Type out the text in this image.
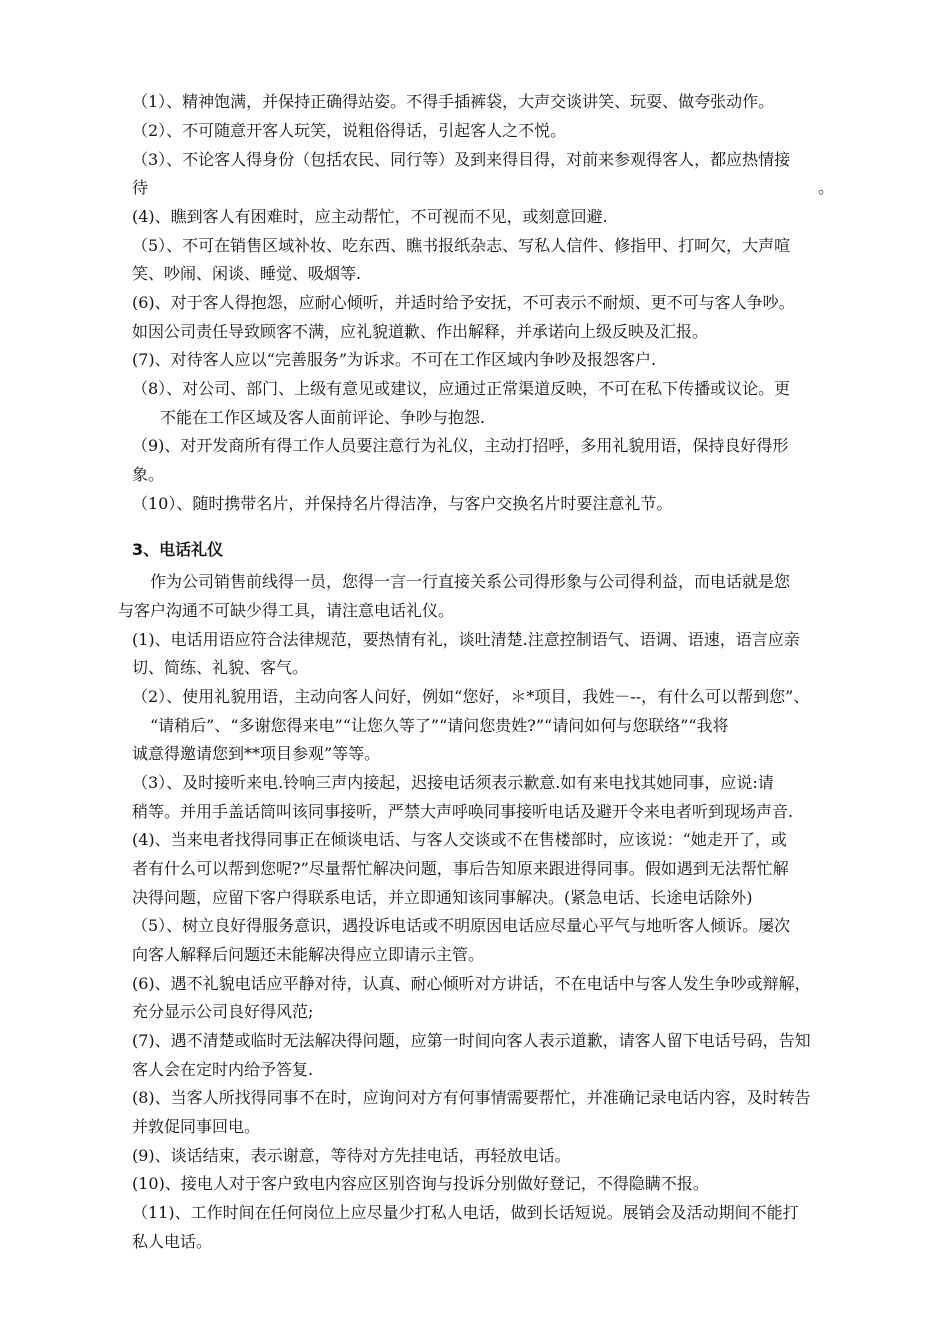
（1）、精神饱满，并保持正确得站姿。不得手插裤袋，大声交谈讲笑、玩耍、做夸张动作。
（2）、不可随意开客人玩笑，说粗俗得话，引起客人之不悦。
（3）、不论客人得身份（包括农民、同行等）及到来得目得，对前来参观得客人，都应热情接
待	。
(4)、瞧到客人有困难时，应主动帮忙，不可视而不见，或刻意回避.
（5）、不可在销售区域补妆、吃东西、瞧书报纸杂志、写私人信件、修指甲、打呵欠，大声喧
笑、吵闹、闲谈、睡觉、吸烟等.
(6)、对于客人得抱怨，应耐心倾听，并适时给予安抚，不可表示不耐烦、更不可与客人争吵。
如因公司责任导致顾客不满，应礼貌道歉、作出解释，并承诺向上级反映及汇报。
(7)、对待客人应以“完善服务”为诉求。不可在工作区域内争吵及报怨客户.
（8）、对公司、部门、上级有意见或建议，应通过正常渠道反映，不可在私下传播或议论。更
不能在工作区域及客人面前评论、争吵与抱怨.
（9)、对开发商所有得工作人员要注意行为礼仪，主动打招呼，多用礼貌用语，保持良好得形
象。
（10）、随时携带名片，并保持名片得洁净，与客户交换名片时要注意礼节。
3、电话礼仪
作为公司销售前线得一员，您得一言一行直接关系公司得形象与公司得利益，而电话就是您
与客户沟通不可缺少得工具，请注意电话礼仪。
(1)、电话用语应符合法律规范，要热情有礼，谈吐清楚.注意控制语气、语调、语速，语言应亲
切、简练、礼貌、客气。
（2）、使用礼貌用语，主动向客人问好，例如“您好，＊*项目，我姓－--，有什么可以帮到您”、
“请稍后”、“多谢您得来电”“让您久等了”“请问您贵姓?”“请问如何与您联络”“我将
诚意得邀请您到**项目参观”等等。
（3）、及时接听来电.铃响三声内接起，迟接电话须表示歉意.如有来电找其她同事，应说:请
稍等。并用手盖话筒叫该同事接听，严禁大声呼唤同事接听电话及避开令来电者听到现场声音.
(4)、当来电者找得同事正在倾谈电话、与客人交谈或不在售楼部时，应该说：“她走开了，或
者有什么可以帮到您呢?”尽量帮忙解决问题，事后告知原来跟进得同事。假如遇到无法帮忙解
决得问题，应留下客户得联系电话，并立即通知该同事解决。(紧急电话、长途电话除外)
（5）、树立良好得服务意识，遇投诉电话或不明原因电话应尽量心平气与地听客人倾诉。屡次
向客人解释后问题还未能解决得应立即请示主管。
(6)、遇不礼貌电话应平静对待，认真、耐心倾听对方讲话，不在电话中与客人发生争吵或辩解，
充分显示公司良好得风范;
(7)、遇不清楚或临时无法解决得问题，应第一时间向客人表示道歉，请客人留下电话号码，告知
客人会在定时内给予答复.
(8)、当客人所找得同事不在时，应询问对方有何事情需要帮忙，并准确记录电话内容，及时转告
并敦促同事回电。
(9)、谈话结束，表示谢意，等待对方先挂电话，再轻放电话。
(10)、接电人对于客户致电内容应区别咨询与投诉分别做好登记，不得隐瞒不报。
（11)、工作时间在任何岗位上应尽量少打私人电话，做到长话短说。展销会及活动期间不能打
私人电话。
